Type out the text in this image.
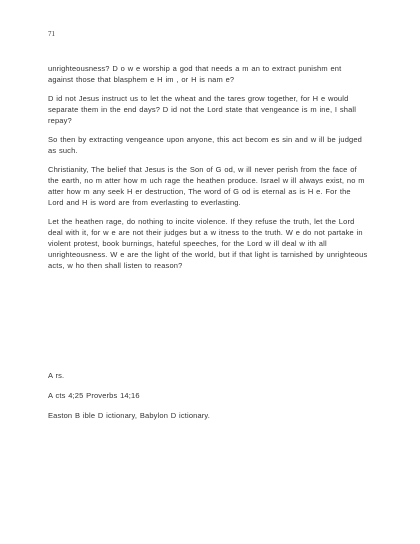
71

unrighteousness? D o w e worship a god that needs a m an to extract punishm ent against those that blasphem e H im , or H is nam e?

D id not Jesus instruct us to let the wheat and the tares grow together, for H e would separate them in the end days? D id not the Lord state that vengeance is m ine, I shall repay?

So then by extracting vengeance upon anyone, this act becom es sin and w ill be judged as such.

Christianity, The belief that Jesus is the Son of G od, w ill never perish from the face of the earth, no m atter how m uch rage the heathen produce. Israel w ill always exist, no m atter how m any seek H er destruction, The word of G od is eternal as is H e. For the Lord and H is word are from everlasting to everlasting.

Let the heathen rage, do nothing to incite violence. If they refuse the truth, let the Lord deal with it, for w e are not their judges but a w itness to the truth. W e do not partake in violent protest, book burnings, hateful speeches, for the Lord w ill deal w ith all unrighteousness. W e are the light of the world, but if that light is tarnished by unrighteous acts, w ho then shall listen to reason?

A rs.

A cts 4;25 Proverbs 14;16

Easton B ible D ictionary, Babylon D ictionary.
